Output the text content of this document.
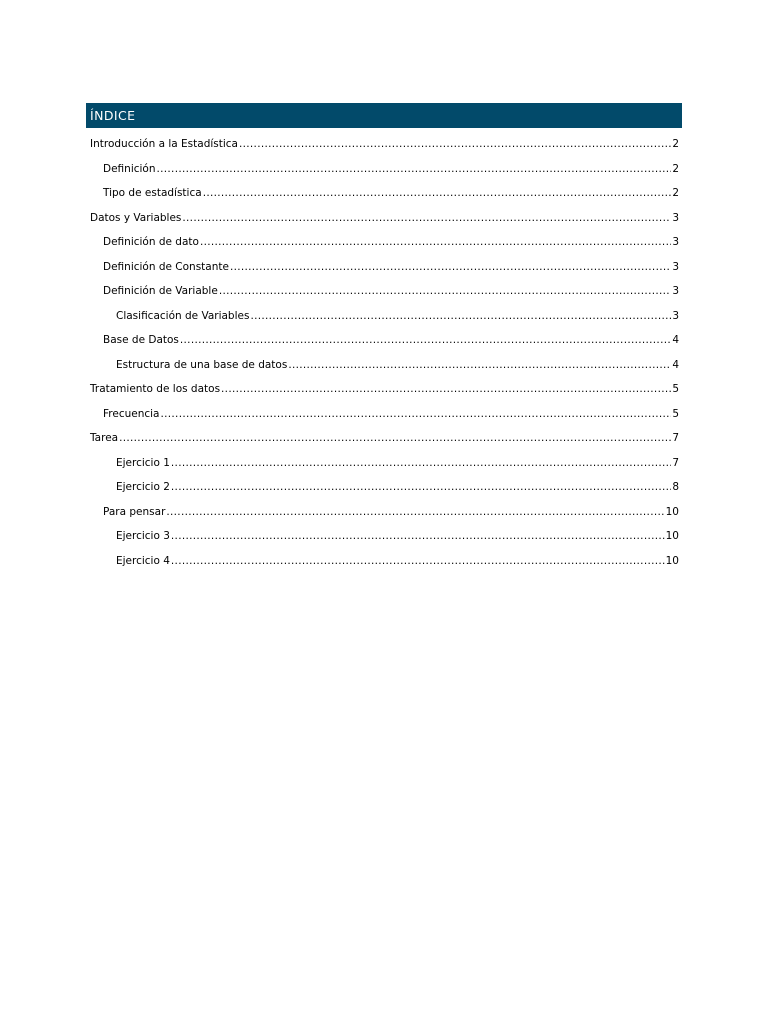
ÍNDICE
Introducción a la Estadística .....	2
Definición .....	2
Tipo de estadística .....	2
Datos y Variables .....	3
Definición de dato .....	3
Definición de Constante .....	3
Definición de Variable .....	3
Clasificación de Variables .....	3
Base de Datos .....	4
Estructura de una base de datos .....	4
Tratamiento de los datos .....	5
Frecuencia .....	5
Tarea .....	7
Ejercicio 1 .....	7
Ejercicio 2 .....	8
Para pensar .....	10
Ejercicio 3 .....	10
Ejercicio 4 .....	10
